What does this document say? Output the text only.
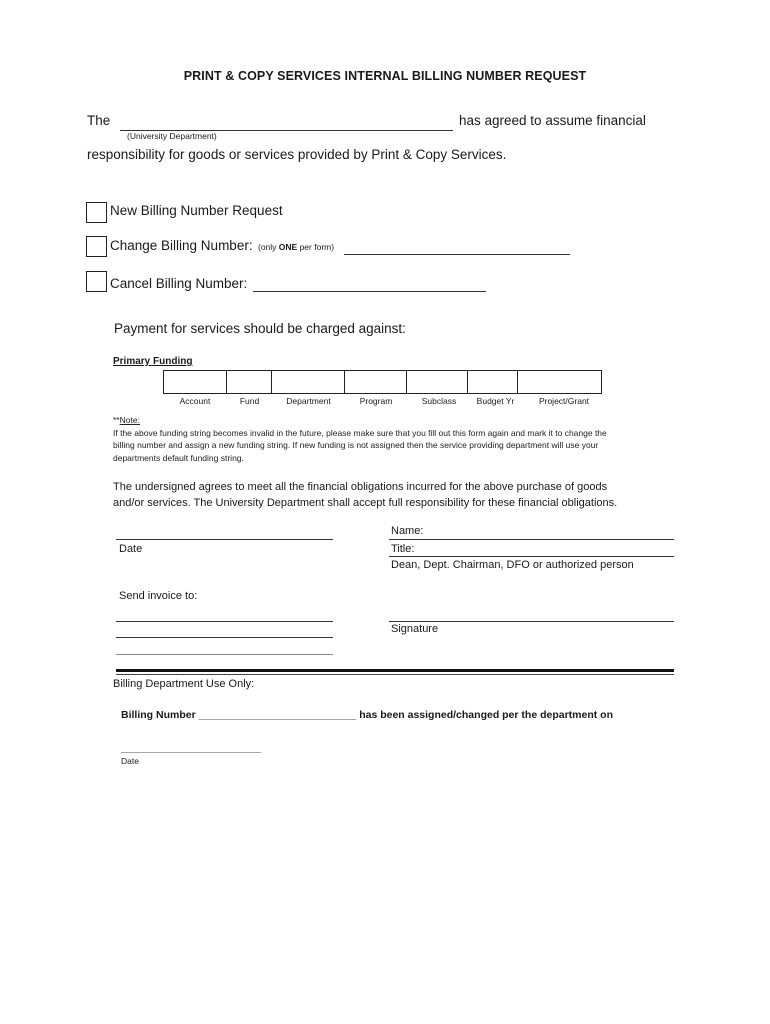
PRINT & COPY SERVICES INTERNAL BILLING NUMBER REQUEST
The	has agreed to assume financial
(University Department)
responsibility for goods or services provided by Print & Copy Services.
New Billing Number Request
Change Billing Number: (only ONE per form)
Cancel Billing Number:
Payment for services should be charged against:
Primary Funding

Account	Fund	Department	Program	Subclass	Budget Yr	Project/Grant
**Note:
If the above funding string becomes invalid in the future, please make sure that you fill out this form again and mark it to change the
billing number and assign a new funding string. If new funding is not assigned then the service providing department will use your
departments default funding string.
The undersigned agrees to meet all the financial obligations incurred for the above purchase of goods
and/or services. The University Department shall accept full responsibility for these financial obligations.
Date
Name:
Title:
Dean, Dept. Chairman, DFO or authorized person
Send invoice to:
Signature
Billing Department Use Only:
Billing Number ___________________________ has been assigned/changed per the department on
________________________
Date
